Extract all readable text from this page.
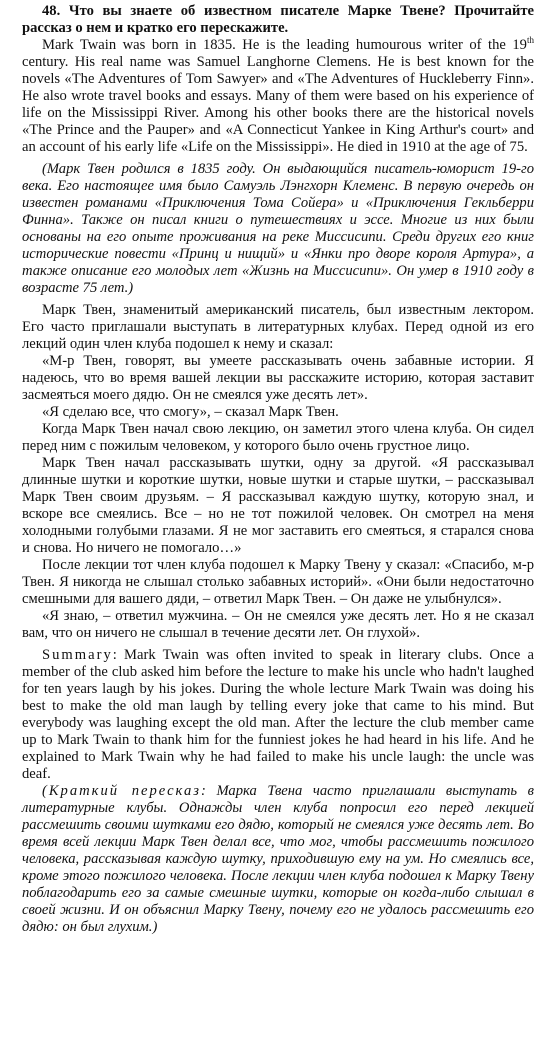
48. Что вы знаете об известном писателе Марке Твене? Прочитайте рассказ о нем и кратко его перескажите.

Mark Twain was born in 1835. He is the leading humourous writer of the 19th century. His real name was Samuel Langhorne Clemens. He is best known for the novels «The Adventures of Tom Sawyer» and «The Adventures of Huckleberry Finn». He also wrote travel books and essays. Many of them were based on his experience of life on the Mississippi River. Among his other books there are the historical novels «The Prince and the Pauper» and «A Connecticut Yankee in King Arthur's court» and an account of his early life «Life on the Mississippi». He died in 1910 at the age of 75.

(Марк Твен родился в 1835 году. Он выдающийся писатель-юморист 19-го века. Его настоящее имя было Самуэль Лэнгхорн Клеменс. В первую очередь он известен романами «Приключения Тома Сойера» и «Приключения Гекльберри Финна». Также он писал книги о путешествиях и эссе. Многие из них были основаны на его опыте проживания на реке Миссисипи. Среди других его книг исторические повести «Принц и нищий» и «Янки про дворе короля Артура», а также описание его молодых лет «Жизнь на Миссисипи». Он умер в 1910 году в возрасте 75 лет.)

Марк Твен, знаменитый американский писатель, был известным лектором. Его часто приглашали выступать в литературных клубах. Перед одной из его лекций один член клуба подошел к нему и сказал:

«М-р Твен, говорят, вы умеете рассказывать очень забавные истории. Я надеюсь, что во время вашей лекции вы расскажите историю, которая заставит засмеяться моего дядю. Он не смеялся уже десять лет».

«Я сделаю все, что смогу», – сказал Марк Твен.

Когда Марк Твен начал свою лекцию, он заметил этого члена клуба. Он сидел перед ним с пожилым человеком, у которого было очень грустное лицо.

Марк Твен начал рассказывать шутки, одну за другой. «Я рассказывал длинные шутки и короткие шутки, новые шутки и старые шутки, – рассказывал Марк Твен своим друзьям. – Я рассказывал каждую шутку, которую знал, и вскоре все смеялись. Все – но не тот пожилой человек. Он смотрел на меня холодными голубыми глазами. Я не мог заставить его смеяться, я старался снова и снова. Но ничего не помогало…»

После лекции тот член клуба подошел к Марку Твену у сказал: «Спасибо, м-р Твен. Я никогда не слышал столько забавных историй». «Они были недостаточно смешными для вашего дяди, – ответил Марк Твен. – Он даже не улыбнулся».

«Я знаю, – ответил мужчина. – Он не смеялся уже десять лет. Но я не сказал вам, что он ничего не слышал в течение десяти лет. Он глухой».

Summary: Mark Twain was often invited to speak in literary clubs. Once a member of the club asked him before the lecture to make his uncle who hadn't laughed for ten years laugh by his jokes. During the whole lecture Mark Twain was doing his best to make the old man laugh by telling every joke that came to his mind. But everybody was laughing except the old man. After the lecture the club member came up to Mark Twain to thank him for the funniest jokes he had heard in his life. And he explained to Mark Twain why he had failed to make his uncle laugh: the uncle was deaf.

(Краткий пересказ: Марка Твена часто приглашали выступать в литературные клубы. Однажды член клуба попросил его перед лекцией рассмешить своими шутками его дядю, который не смеялся уже десять лет. Во время всей лекции Марк Твен делал все, что мог, чтобы рассмешить пожилого человека, рассказывая каждую шутку, приходившую ему на ум. Но смеялись все, кроме этого пожилого человека. После лекции член клуба подошел к Марку Твену поблагодарить его за самые смешные шутки, которые он когда-либо слышал в своей жизни. И он объяснил Марку Твену, почему его не удалось рассмешить его дядю: он был глухим.)
